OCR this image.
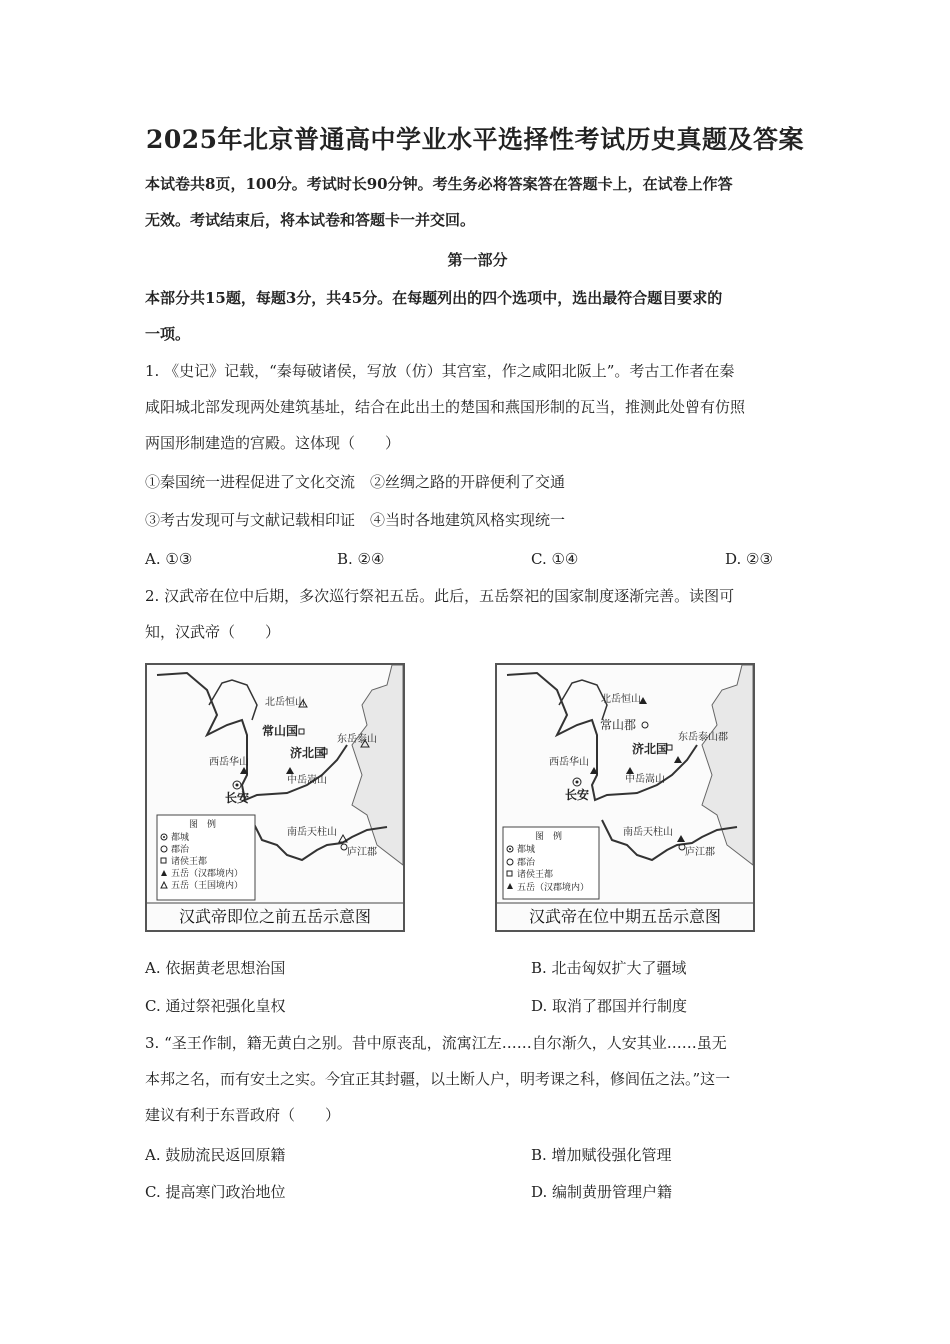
2025年北京普通高中学业水平选择性考试历史真题及答案
本试卷共8页，100分。考试时长90分钟。考生务必将答案答在答题卡上，在试卷上作答
无效。考试结束后，将本试卷和答题卡一并交回。
第一部分
本部分共15题，每题3分，共45分。在每题列出的四个选项中，选出最符合题目要求的
一项。
1. 《史记》记载，“秦每破诸侯，写放（仿）其宫室，作之咸阳北阪上”。考古工作者在秦
咸阳城北部发现两处建筑基址，结合在此出土的楚国和燕国形制的瓦当，推测此处曾有仿照
两国形制建造的宫殿。这体现（　　）
①秦国统一进程促进了文化交流　②丝绸之路的开辟便利了交通
③考古发现可与文献记载相印证　④当时各地建筑风格实现统一
A. ①③	B. ②④	C. ①④	D. ②③
2. 汉武帝在位中后期，多次巡行祭祀五岳。此后，五岳祭祀的国家制度逐渐完善。读图可
知，汉武帝（　　）
北岳恒山
常山国
济北国
东岳泰山
西岳华山
中岳嵩山
长安
南岳天柱山
庐江郡
图　例
都城
郡治
诸侯王都
五岳（汉郡境内）
五岳（王国境内）
汉武帝即位之前五岳示意图
北岳恒山
常山郡
济北国
东岳泰山郡
西岳华山
中岳嵩山
长安
南岳天柱山
庐江郡
图　例
都城
郡治
诸侯王都
五岳（汉郡境内）
汉武帝在位中期五岳示意图
A. 依据黄老思想治国	B. 北击匈奴扩大了疆域
C. 通过祭祀强化皇权	D. 取消了郡国并行制度
3. “圣王作制，籍无黄白之别。昔中原丧乱，流寓江左……自尔渐久，人安其业……虽无
本邦之名，而有安土之实。今宜正其封疆，以土断人户，明考课之科，修闾伍之法。”这一
建议有利于东晋政府（　　）
A. 鼓励流民返回原籍	B. 增加赋役强化管理
C. 提高寒门政治地位	D. 编制黄册管理户籍
